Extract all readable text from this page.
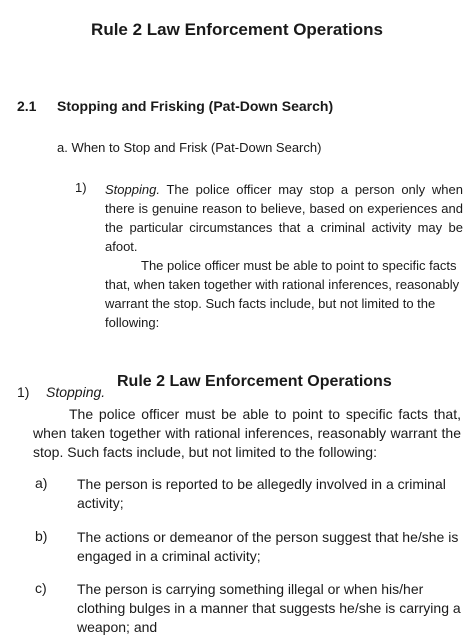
Rule 2 Law Enforcement Operations
2.1 Stopping and Frisking (Pat-Down Search)
a. When to Stop and Frisk (Pat-Down Search)
1) Stopping. The police officer may stop a person only when there is genuine reason to believe, based on experiences and the particular circumstances that a criminal activity may be afoot.
The police officer must be able to point to specific facts that, when taken together with rational inferences, reasonably warrant the stop. Such facts include, but not limited to the following:
1) Stopping.
Rule 2 Law Enforcement Operations
The police officer must be able to point to specific facts that, when taken together with rational inferences, reasonably warrant the stop. Such facts include, but not limited to the following:
a) The person is reported to be allegedly involved in a criminal activity;
b) The actions or demeanor of the person suggest that he/she is engaged in a criminal activity;
c) The person is carrying something illegal or when his/her clothing bulges in a manner that suggests he/she is carrying a weapon; and
